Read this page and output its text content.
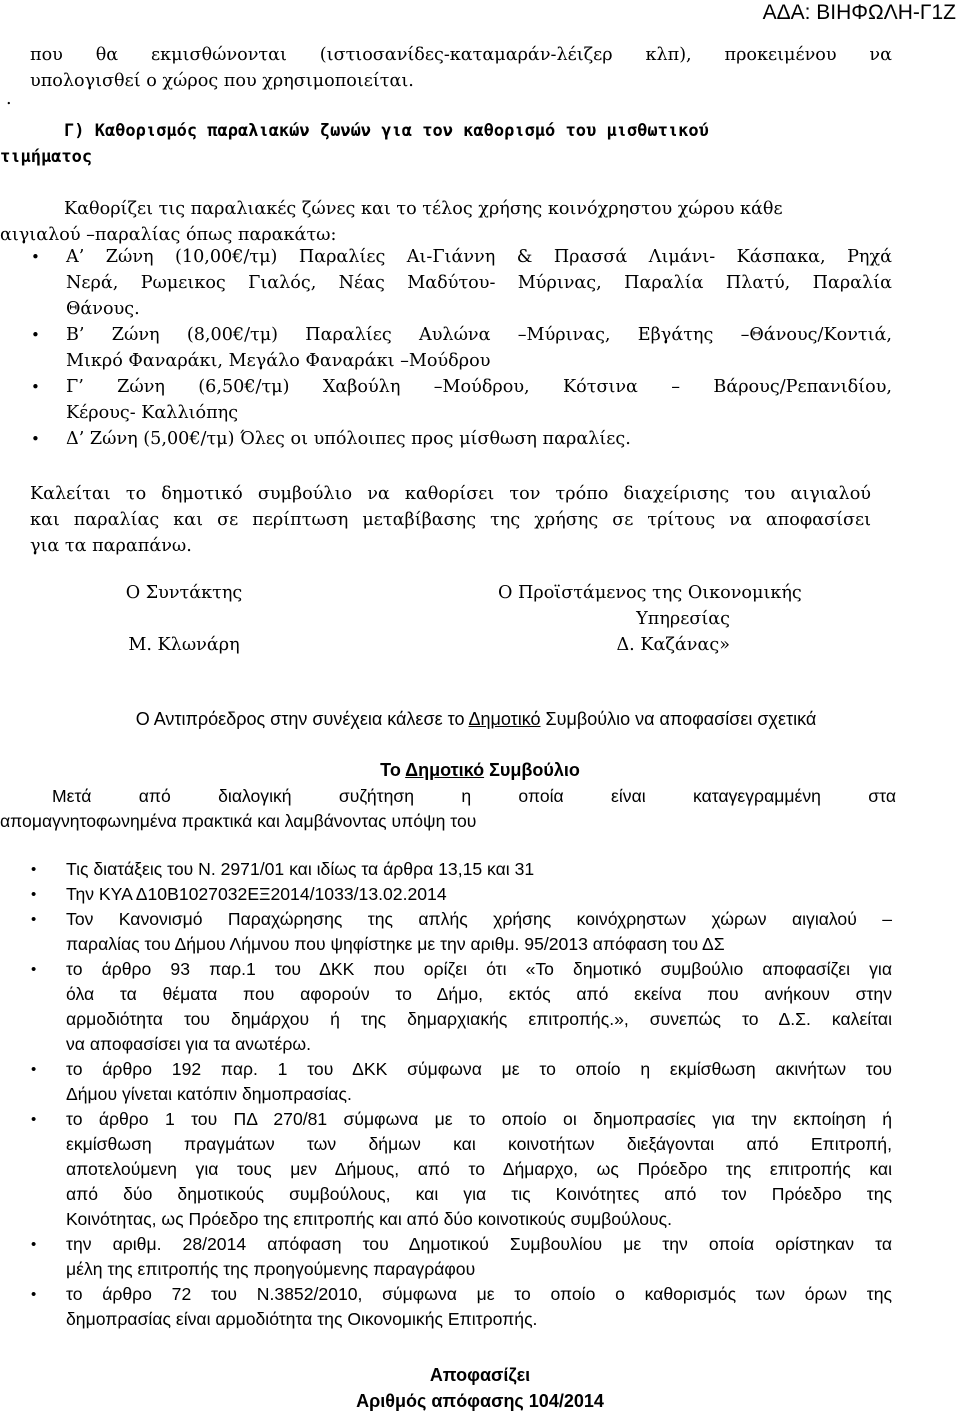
ΑΔΑ: ΒΙΗΦΩΛΗ-Γ1Ζ
που θα εκμισθώνονται (ιστιοσανίδες-καταμαράν-λέιζερ κλπ), προκειμένου να
υπολογισθεί ο χώρος που χρησιμοποιείται.
.
Γ) Καθορισμός παραλιακών ζωνών για τον καθορισμό του μισθωτικού
τιμήματος
Καθορίζει τις παραλιακές ζώνες και το τέλος χρήσης κοινόχρηστου χώρου κάθε
αιγιαλού –παραλίας όπως παρακάτω:
• Α’ Ζώνη (10,00€/τμ) Παραλίες Αι-Γιάννη & Πρασσά Λιμάνι- Κάσπακα, Ρηχά
Νερά, Ρωμεικος Γιαλός, Νέας Μαδύτου- Μύρινας, Παραλία Πλατύ, Παραλία
Θάνους.
• Β’ Ζώνη (8,00€/τμ) Παραλίες Αυλώνα –Μύρινας, Εβγάτης –Θάνους/Κοντιά,
Μικρό Φαναράκι, Μεγάλο Φαναράκι –Μούδρου
• Γ’ Ζώνη (6,50€/τμ) Χαβούλη –Μούδρου, Κότσινα – Βάρους/Ρεπανιδίου,
Κέρους- Καλλιόπης
• Δ’ Ζώνη (5,00€/τμ) Όλες οι υπόλοιπες προς μίσθωση παραλίες.
Καλείται το δημοτικό συμβούλιο να καθορίσει τον τρόπο διαχείρισης του αιγιαλού
και παραλίας και σε περίπτωση μεταβίβασης της χρήσης σε τρίτους να αποφασίσει
για τα παραπάνω.
Ο Συντάκτης
Μ. Κλωνάρη
Ο Προϊστάμενος της Οικονομικής
Υπηρεσίας
Δ. Καζάνας»
Ο Αντιπρόεδρος στην συνέχεια κάλεσε το Δημοτικό Συμβούλιο να αποφασίσει σχετικά
Το Δημοτικό Συμβούλιο
Μετά από διαλογική συζήτηση η οποία είναι καταγεγραμμένη στα
απομαγνητοφωνημένα πρακτικά και λαμβάνοντας υπόψη του
• Τις διατάξεις του Ν. 2971/01 και ιδίως τα άρθρα 13,15 και 31
• Την ΚΥΑ Δ10Β1027032ΕΞ2014/1033/13.02.2014
• Τον Κανονισμό Παραχώρησης της απλής χρήσης κοινόχρηστων χώρων αιγιαλού –
παραλίας του Δήμου Λήμνου που ψηφίστηκε με την αριθμ. 95/2013 απόφαση του ΔΣ
• το άρθρο 93 παρ.1 του ΔΚΚ που ορίζει ότι «Το δημοτικό συμβούλιο αποφασίζει για
όλα τα θέματα που αφορούν το Δήμο, εκτός από εκείνα που ανήκουν στην
αρμοδιότητα του δημάρχου ή της δημαρχιακής επιτροπής.», συνεπώς το Δ.Σ. καλείται
να αποφασίσει για τα ανωτέρω.
• το άρθρο 192 παρ. 1 του ΔΚΚ σύμφωνα με το οποίο η εκμίσθωση ακινήτων του
Δήμου γίνεται κατόπιν δημοπρασίας.
• το άρθρο 1 του ΠΔ 270/81 σύμφωνα με το οποίο οι δημοπρασίες για την εκποίηση ή
εκμίσθωση πραγμάτων των δήμων και κοινοτήτων διεξάγονται από Επιτροπή,
αποτελούμενη για τους μεν Δήμους, από το Δήμαρχο, ως Πρόεδρο της επιτροπής και
από δύο δημοτικούς συμβούλους, και για τις Κοινότητες από τον Πρόεδρο της
Κοινότητας, ως Πρόεδρο της επιτροπής και από δύο κοινοτικούς συμβούλους.
• την αριθμ. 28/2014 απόφαση του Δημοτικού Συμβουλίου με την οποία ορίστηκαν τα
μέλη της επιτροπής της προηγούμενης παραγράφου
• το άρθρο 72 του Ν.3852/2010, σύμφωνα με το οποίο ο καθορισμός των όρων της
δημοπρασίας είναι αρμοδιότητα της Οικονομικής Επιτροπής.
Αποφασίζει
Αριθμός απόφασης 104/2014
